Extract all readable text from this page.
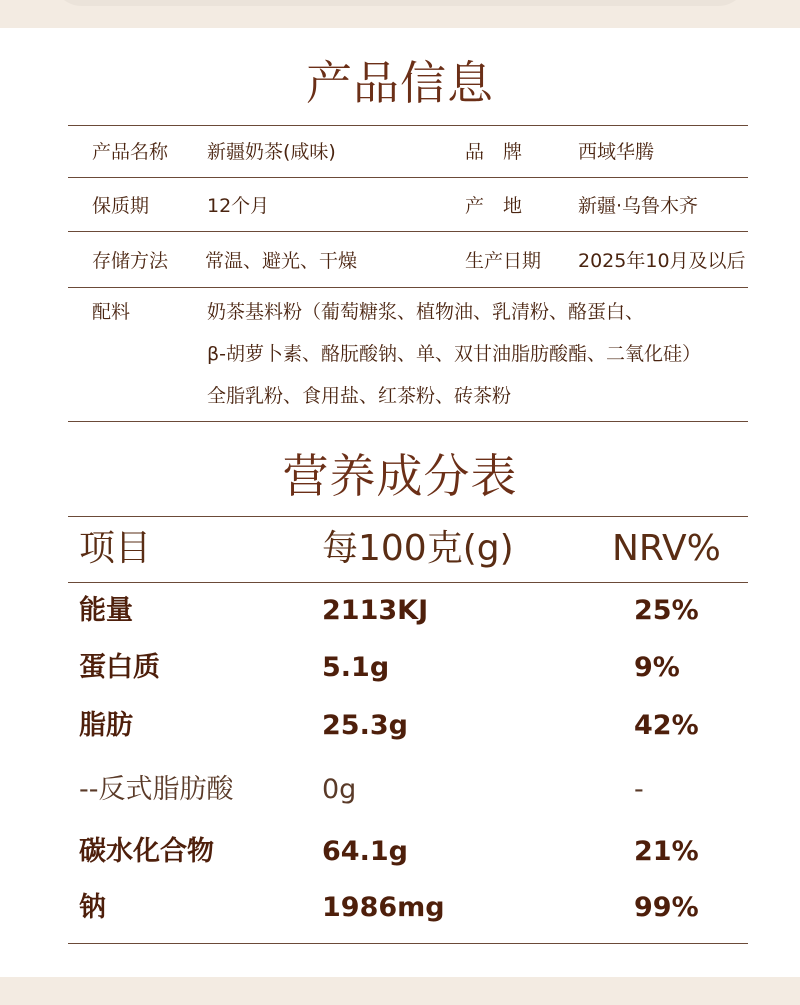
产品信息
产品名称 新疆奶茶(咸味)	品　牌	西域华腾
保质期	12个月	产　地	新疆·乌鲁木齐
存储方法 常温、避光、干燥	生产日期 2025年10月及以后
配料	奶茶基料粉（葡萄糖浆、植物油、乳清粉、酪蛋白、
β-胡萝卜素、酪朊酸钠、单、双甘油脂肪酸酯、二氧化硅）
全脂乳粉、食用盐、红茶粉、砖茶粉
营养成分表
项目	每100克(g)	NRV%
能量	2113KJ	25%
蛋白质	5.1g	9%
脂肪	25.3g	42%
--反式脂肪酸	0g	-
碳水化合物	64.1g	21%
钠	1986mg	99%
